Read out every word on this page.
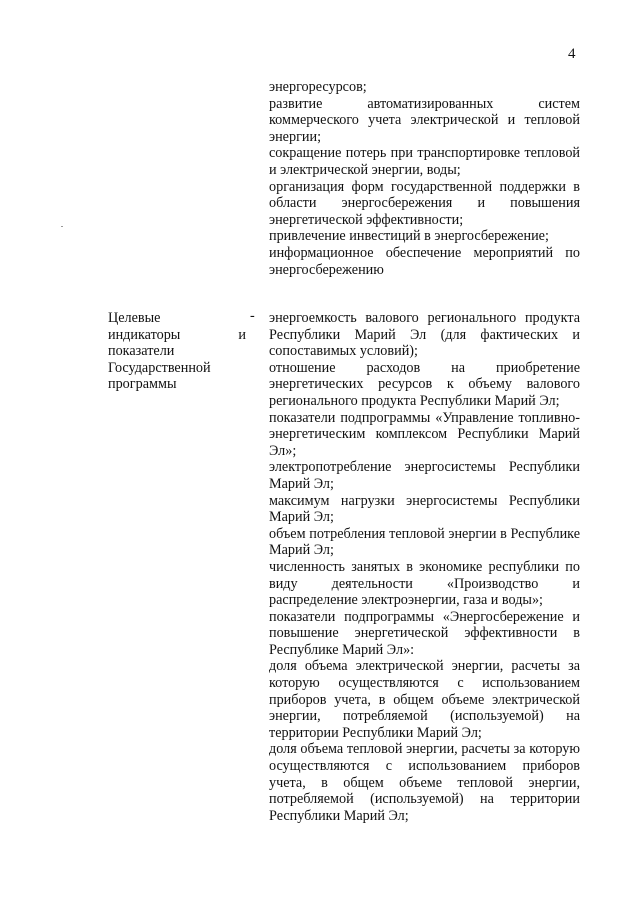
4

энергоресурсов;

развитие автоматизированных систем коммерческого учета электрической и тепловой энергии;

сокращение потерь при транспортировке тепловой и электрической энергии, воды;

организация форм государственной поддержки в области энергосбережения и повышения энергетической эффективности;

привлечение инвестиций в энергосбережение;

информационное обеспечение мероприятий по энергосбережению

Целевые
индикаторы	и
показатели
Государственной
программы
- энергоемкость валового регионального продукта Республики Марий Эл (для фактических и сопоставимых условий);

отношение расходов на приобретение энергетических ресурсов к объему валового регионального продукта Республики Марий Эл;

показатели подпрограммы «Управление топливно-энергетическим комплексом Республики Марий Эл»;

электропотребление энергосистемы Республики Марий Эл;

максимум нагрузки энергосистемы Республики Марий Эл;

объем потребления тепловой энергии в Республике Марий Эл;

численность занятых в экономике республики по виду деятельности «Производство и распределение электроэнергии, газа и воды»;

показатели подпрограммы «Энергосбережение и повышение энергетической эффективности в Республике Марий Эл»:

доля объема электрической энергии, расчеты за которую осуществляются с использованием приборов учета, в общем объеме электрической энергии, потребляемой (используемой) на территории Республики Марий Эл;

доля объема тепловой энергии, расчеты за которую осуществляются с использованием приборов учета, в общем объеме тепловой энергии, потребляемой (используемой) на территории Республики Марий Эл;
